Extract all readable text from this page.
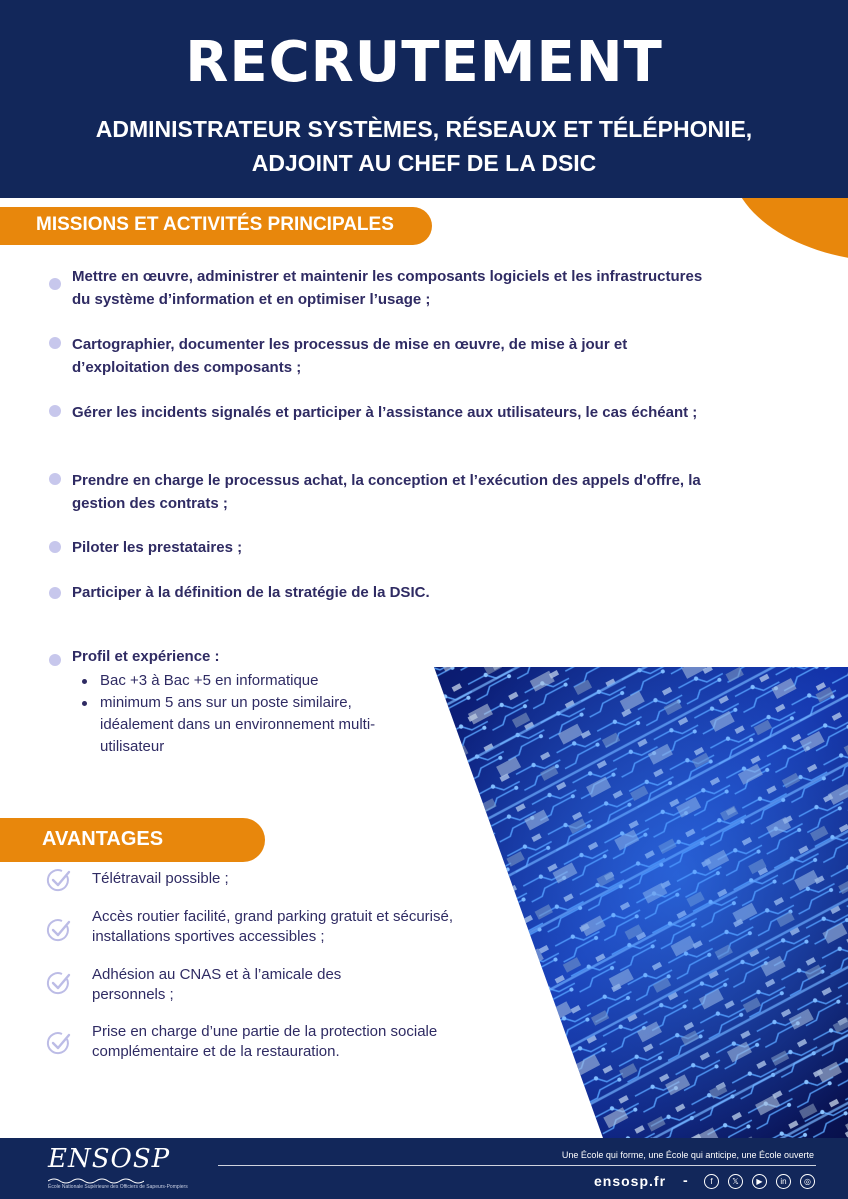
RECRUTEMENT
ADMINISTRATEUR SYSTÈMES, RÉSEAUX ET TÉLÉPHONIE,
ADJOINT AU CHEF DE LA DSIC
MISSIONS ET ACTIVITÉS PRINCIPALES
Mettre en œuvre, administrer et maintenir les composants logiciels et les infrastructures du système d’information et en optimiser l’usage ;
Cartographier, documenter les processus de mise en œuvre, de mise à jour et d’exploitation des composants ;
Gérer les incidents signalés et participer à l’assistance aux utilisateurs, le cas échéant ;
Prendre en charge le processus achat, la conception et l’exécution des appels d'offre, la gestion des contrats ;
Piloter les prestataires ;
Participer à la définition de la stratégie de la DSIC.
Profil et expérience :
Bac +3 à Bac +5 en informatique
minimum 5 ans sur un poste similaire, idéalement dans un environnement multi-utilisateur
AVANTAGES
Télétravail possible ;
Accès routier facilité, grand parking gratuit et sécurisé, installations sportives accessibles ;
Adhésion au CNAS et à l’amicale des personnels ;
Prise en charge d’une partie de la protection sociale complémentaire et de la restauration.
ENSOSP
École Nationale Supérieure des Officiers de Sapeurs-Pompiers
Une École qui forme, une École qui anticipe, une École ouverte
ensosp.fr -	f	𝕏	▶	in	◎
